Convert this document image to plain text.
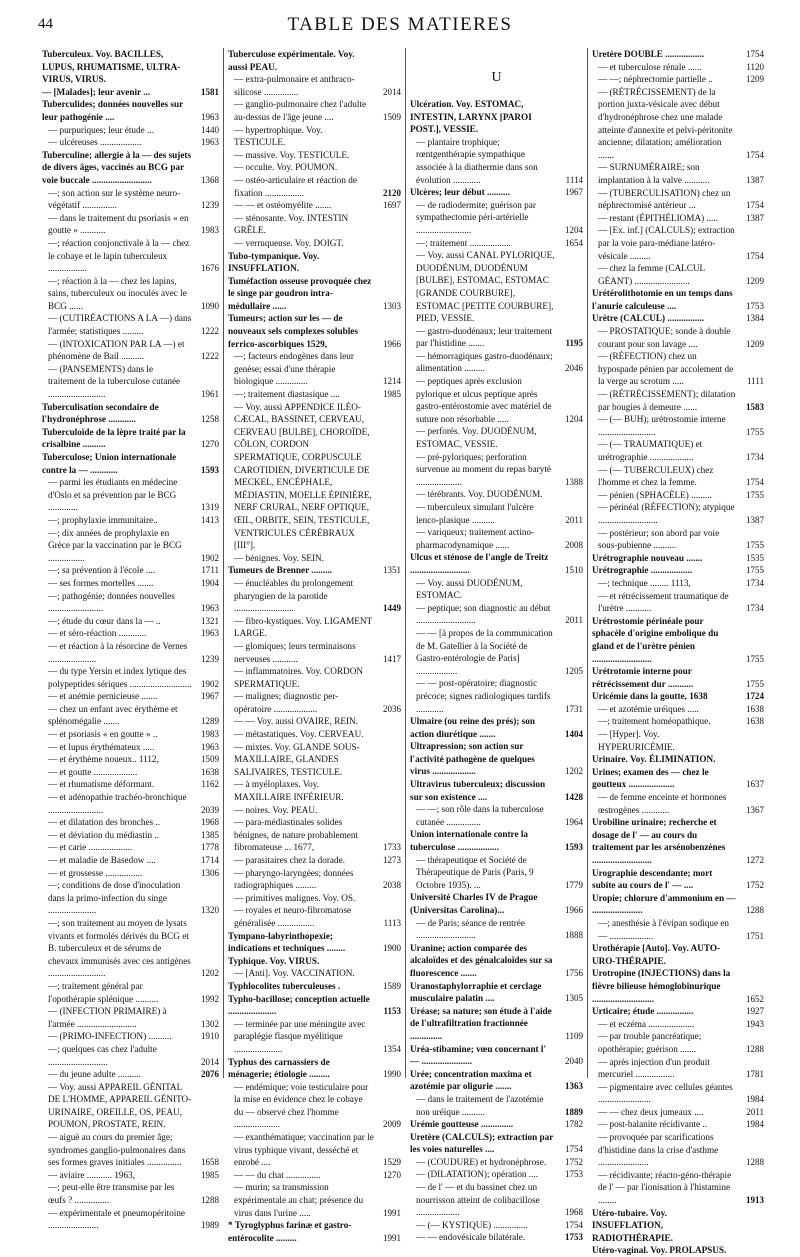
44	TABLE DES MATIERES
Tuberculeux. Voy. BACILLES, LUPUS, RHUMATISME, ULTRA-VIRUS, VIRUS.
— [Malades]; leur avenir ...	1581
Tuberculides; données nouvelles sur leur pathogénie ....	1963
— purpuriques; leur étude ...	1440
— ulcéreuses ..................	1963
Tuberculine; allergie à la — des sujets de divers âges, vaccinés au BCG par voie buccale ..........................	1368
—; son action sur le système neuro-végétatif ...............	1239
— dans le traitement du psoriasis « en goutte » ...........	1983
—; réaction conjonctivale à la — chez le cobaye et le lapin tuberculeux .................	1676
—; réaction à la — chez les lapins, sains, tuberculeux ou inoculés avec le BCG ......	1090
— (CUTIRÉACTIONS A LA —) dans l'armée; statistiques .........	1222
— (INTOXICATION PAR LA —) et phénomène de Bail ..........	1222
— (PANSEMENTS) dans le traitement de la tuberculose cutanée .........................	1961
Tuberculisation secondaire de l'hydronéphrose ............	1258
Tuberculoïde de la lèpre traité par la crisalbine ..........	1270
Tuberculose; Union internationale contre la — ............	1593
— parmi les étudiants en médecine d'Oslo et sa prévention par le BCG .............	1319
—; prophylaxie immunitaire..	1413
—; dix années de prophylaxie en Grèce par la vaccination par le BCG ................	1902
—; sa prévention à l'école ....	1711
— ses formes mortelles .......	1904
—; pathogénie; données nouvelles ........................	1963
—; étude du cœur dans la — ..	1321
— et séro-réaction ............	1963
— et réaction à la résorcine de Vernes .....................	1239
— du type Yersin et index lytique des polypeptides sériques ...........................	1902
— et anémie pernicieuse .......	1967
— chez un enfant avec érythème et splénomégalie .......	1289
— et psoriasis « en goutte » ..	1983
— et lupus érythémateux .....	1963
— et érythème noueux.. 1112,	1509
— et goutte ...................	1638
— et rhumatisme déformant.	1162
— et adénopathie trachéo-bronchique ........................	2039
— et dilatation des bronches ..	1968
— et déviation du médiastin ..	1385
— et carie ...................	1778
— et maladie de Basedow ....	1714
— et grossesse ................	1306
—; conditions de dose d'inoculation dans la primo-infection du singe .....................	1320
—; son traitement au moyen de lysats vivants et formolés dérivés du BCG et B. tuberculeux et de sérums de chevaux immunisés avec ces antigènes .........................	1202
—; traitement général par l'opothérapie splénique ..........	1992
— (INFECTION PRIMAIRE) à l'armée ..........................	1302
— (PRIMO-INFECTION) ..........	1910
—; quelques cas chez l'adulte ..........................	2014
— du jeune adulte ..........	2076
— Voy. aussi APPAREIL GÉNITAL DE L'HOMME, APPAREIL GÉNITO-URINAIRE, OREILLE, OS, PEAU, POUMON, PROSTATE, REIN.
— aiguë au cours du premier âge; syndromes ganglio-pulmonaires dans ses formes graves initiales ...............	1658
— aviaire ........... 1963,	1985
—; peut-elle être transmise par les œufs ? ...............	1288
— expérimentale et pneumopéritoine ......................	1989
Tuberculose expérimentale. Voy. aussi PEAU.
— extra-pulmonaire et anthraco-silicose ...............	2014
— ganglio-pulmonaire chez l'adulte au-dessus de l'âge jeune ....	1509
— hypertrophique. Voy. TESTICULE.
— massive. Voy. TESTICULE.
— occulte. Voy. POUMON.
— ostéo-articulaire et réaction de fixation .................	2120
— — et ostéomyélite .......	1697
— sténosante. Voy. INTESTIN GRÊLE.
— verruqueuse. Voy. DOIGT.
Tubo-tympanique. Voy. INSUFFLATION.
Tuméfaction osseuse provoquée chez le singe par goudron intra-médullaire ......	1303
Tumeurs; action sur les — de nouveaux sels complexes solubles ferrico-ascorbiques 1529,	1966
—; facteurs endogènes dans leur genèse; essai d'une thérapie biologique ..............	1214
—; traitement diastasique ....	1985
— Voy. aussi APPENDICE ILÉO-CÆCAL, BASSINET, CERVEAU, CERVEAU [BULBE], CHOROÏDE, CÔLON, CORDON SPERMATIQUE, CORPUSCULE CAROTIDIEN, DIVERTICULE DE MECKEL, ENCÉPHALE, MÉDIASTIN, MOELLE ÉPINIÈRE, NERF CRURAL, NERF OPTIQUE, ŒIL, ORBITE, SEIN, TESTICULE, VENTRICULES CÉRÉBRAUX [III°].
— bénignes. Voy. SEIN.
Tumeurs de Brenner .........	1351
— énucléables du prolongement pharyngien de la parotide ..........................	1449
— fibro-kystiques. Voy. LIGAMENT LARGE.
— glomiques; leurs terminaisons nerveuses ...........	1417
— inflammatoires. Voy. CORDON SPERMATIQUE.
— malignes; diagnostic per-opératoire ...................	2036
— — Voy. aussi OVAIRE, REIN.
— métastatiques. Voy. CERVEAU.
— mixtes. Voy. GLANDE SOUS-MAXILLAIRE, GLANDES SALIVAIRES, TESTICULE.
— à myéloplaxes. Voy. MAXILLAIRE INFÉRIEUR.
— noires. Voy. PEAU.
— para-médiastinales solides bénignes, de nature probablement fibromateuse ... 1677,	1733
— parasitaires chez la dorade.	1273
— pharyngo-laryngées; données radiographiques .........	2038
— primitives malignes. Voy. OS.
— royales et neuro-fibromatose généralisée ................	1113
Tympano-labyrinthopexie; indications et techniques ........	1900
Typhique. Voy. VIRUS.
— [Anti]. Voy. VACCINATION.
Typhlocolites tuberculeuses .	1589
Typho-bacillose; conception actuelle .....................	1153
— terminée par une méningite avec paraplégie flasque myélitique .....................	1354
Typhus des carnassiers de ménagerie; étiologie .........	1990
— endémique; voie testiculaire pour la mise en évidence chez le cobaye du — observé chez l'homme ....................	2009
— exanthématique; vaccination par le virus typhique vivant, desséché et enrobé ....	1529
— — du chat ...............	1270
— murin; sa transmission expérimentale au chat; présence du virus dans l'urine .....	1991
* Tyroglyphus farinæ et gastro-entérocolite .........	1991
U
Ulcération. Voy. ESTOMAC, INTESTIN, LARYNX [PAROI POST.], VESSIE.
— plantaire trophique; rœntgenthérapie sympathique associée à la diathermie dans son évolution ............	1114
Ulcères; leur début ..........	1967
— de radiodermite; guérison par sympathectomie péri-artérielle ........................	1204
—; traitement ..................	1654
— Voy. aussi CANAL PYLORIQUE, DUODÉNUM, DUODÉNUM [BULBE], ESTOMAC, ESTOMAC [GRANDE COURBURE], ESTOMAC [PETITE COURBURE], PIED, VESSIE.
— gastro-duodénaux; leur traitement par l'histidine .......	1195
— hémorragiques gastro-duodénaux; alimentation .........	2046
— peptiques après exclusion pylorique et ulcus peptique après gastro-entérostomie avec matériel de suture non résorbable .....	1204
— perforés. Voy. DUODÉNUM, ESTOMAC, VESSIE.
— pré-pyloriques; perforation survenue au moment du repas baryté ....................	1388
— térébrants. Voy. DUODÉNUM.
— tuberculeux simulant l'ulcère lenco-plasique ..........	2011
— variqueux; traitement actino-pharmacodynamique ......	2008
Ulcus et sténose de l'angle de Treitz ..........................	1510
— Voy. aussi DUODÉNUM, ESTOMAC.
— peptique; son diagnostic au début ..........................	2011
— — [à propos de la communication de M. Gatellier à la Société de Gastro-entérologie de Paris] ..................	1205
— — post-opératoire; diagnostic précoce; signes radiologiques tardifs ............	1731
Ulmaire (ou reine des prés); son action diurétique .......	1404
Ultrapression; son action sur l'activité pathogène de quelques virus ...................	1202
Ultravirus tuberculeux; discussion sur son existence ....	1428
— —; son rôle dans la tuberculose cutanée ...............	1964
Union internationale contre la tuberculose ..................	1593
— thérapeutique et Société de Thérapeutique de Paris (Paris, 9 Octobre 1935). ...	1779
Université Charles IV de Prague (Universitas Carolina)...	1966
— de Paris; séance de rentrée ..........................	1888
Uranine; action comparée des alcaloïdes et des génalcaloïdes sur sa fluorescence .......	1756
Uranostaphylorraphie et cerclage musculaire palatin ....	1305
Uréase; sa nature; son étude à l'aide de l'ultrafiltration fractionnée ..............	1109
Uréa-stibamine; vœu concernant l' — ......................	2040
Urée; concentration maxima et azotémie par oligurie .......	1363
— dans le traitement de l'azotémie non uréique ..........	1889
Urémie goutteuse ..............	1782
Uretère (CALCULS); extraction par les voies naturelles ....	1754
— (COUDURE) et hydronéphrose.	1752
— (DILATATION); opération ....	1753
— de l' — et du bassinet chez un nourrisson atteint de colibacillose ...................	1968
— (— KYSTIQUE) ...............	1754
— — endovésicale bilatérale.	1753
Uretère DOUBLE .................	1754
— et tuberculose rénale ......	1120
— —; néphrectomie partielle ..	1209
— (RÉTRÉCISSEMENT) de la portion juxta-vésicale avec début d'hydronéphrose chez une malade atteinte d'annexite et pelvi-péritonite ancienne; dilatation; amélioration .......	1754
— SURNUMÉRAIRE; son implantation à la valve ...........	1387
— (TUBERCULISATION) chez un néphrectomisé antérieur ...	1754
— restant (ÉPITHÉLIOMA) .....	1387
— [Ex. inf.] (CALCULS); extraction par la voie para-médiane latéro-vésicale .........	1754
— chez la femme (CALCUL GÉANT) ........................	1209
Urétérolithotomie en un temps dans l'anurie calculeuse ....	1753
Urètre (CALCUL) ................	1384
— PROSTATIQUE; sonde à double courant pour son lavage ....	1209
— (RÉFECTION) chez un hypospade pénien par accolement de la verge au scrotum .....	1111
— (RÉTRÉCISSEMENT); dilatation par bougies à demeure ......	1583
— (— BUH); urétrostomie interne .........................	1755
— (— TRAUMATIQUE) et urétrographie ...................	1734
— (— TUBERCULEUX) chez l'homme et chez la femme.	1754
— pénien (SPHACÈLE) .........	1755
— périnéal (RÉFECTION); atypique ..........................	1387
— postérieur; son abord par voie sous-pubienne ..........	1755
Urétrographie nouveau .......	1535
Urétrographie ..................	1755
—; technique ........ 1113,	1734
— et rétrécissement traumatique de l'urètre ...........	1734
Urétrostomie périnéale pour sphacèle d'origine embolique du gland et de l'urètre pénien ..........................	1755
Urétrotomie interne pour rétrécissement dur ...........	1755
Uricémie dans la goutte, 1638	1724
— et azotémie uréiques .....	1638
—; traitement homéopathique.	1638
— [Hyper]. Voy. HYPERURICÉMIE.
Urinaire. Voy. ÉLIMINATION.
Urines; examen des — chez le goutteux ....................	1637
— de femme enceinte et hormones œstrogènes ............	1367
Urobiline urinaire; recherche et dosage de l' — au cours du traitement par les arsénobenzènes ..........................	1272
Urographie descendante; mort subite au cours de l' — ....	1752
Uropie; chlorure d'ammonium en — ......................	1288
—; anesthésie à l'évipan sodique en — ...................	1751
Urothérapie [Auto]. Voy. AUTO-URO-THÉRAPIE.
Urotropine (INJECTIONS) dans la fièvre bilieuse hémoglobinurique ...........................	1652
Urticaire; étude ................	1927
— et eczéma ....................	1943
— par trouble pancréatique; opothérapie; guérison .......	1288
— après injection d'un produit mercuriel .................	1781
— pigmentaire avec cellules géantes .......................	1984
— — chez deux jumeaux ....	2011
— post-balanite récidivante ..	1984
— provoquée par scarifications d'histidine dans la crise d'asthme ......................	1288
— récidivante; réacto-géno-thérapie de l' — par l'ionisation à l'histamine ........	1913
Utéro-tubaire. Voy. INSUFFLATION, RADIOTHÉRAPIE.
Utéro-vaginal. Voy. PROLAPSUS.
